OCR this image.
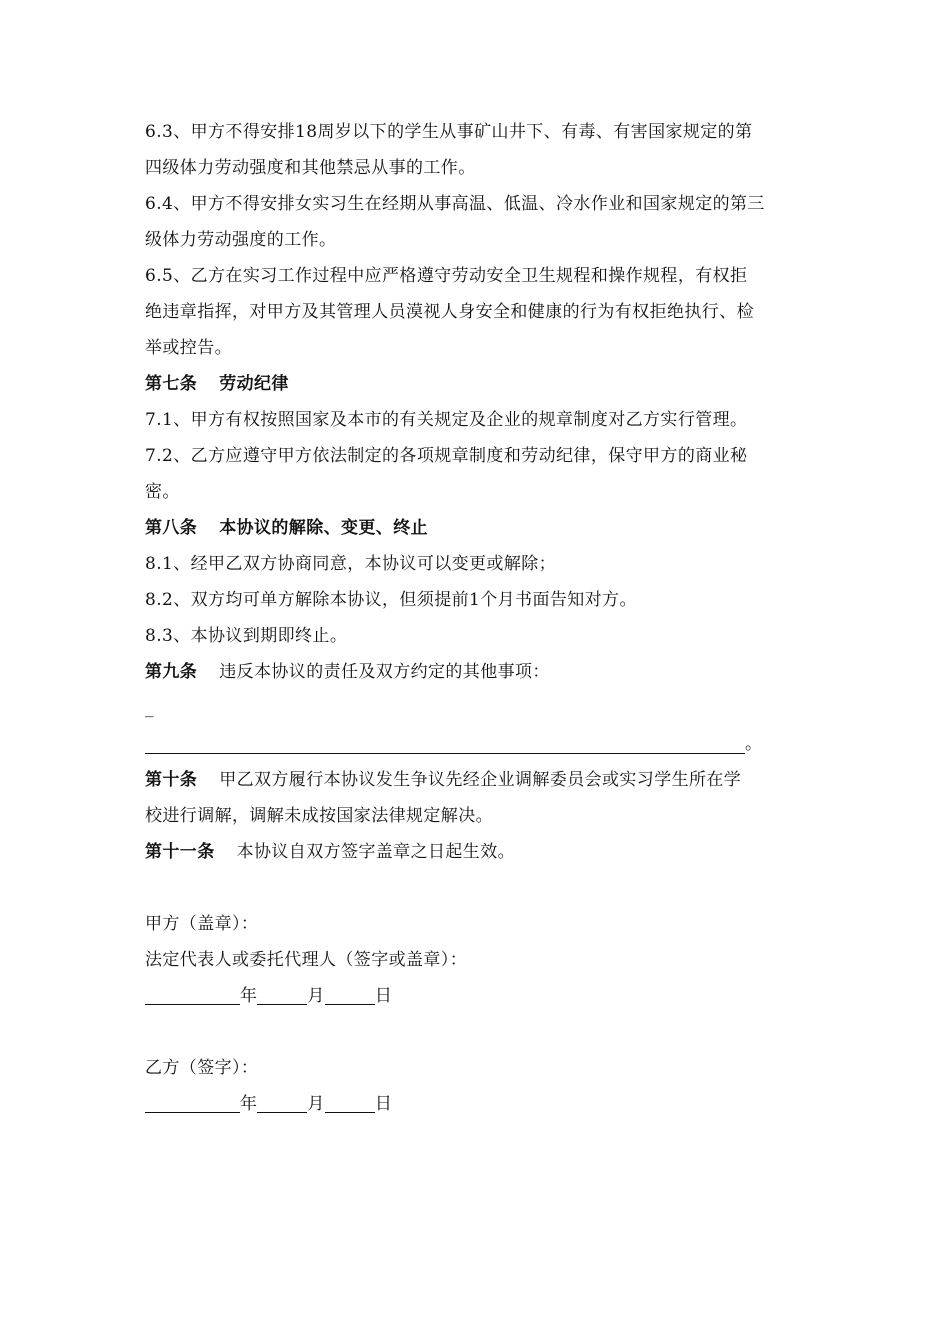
6.3、甲方不得安排18周岁以下的学生从事矿山井下、有毒、有害国家规定的第
四级体力劳动强度和其他禁忌从事的工作。
6.4、甲方不得安排女实习生在经期从事高温、低温、冷水作业和国家规定的第三
级体力劳动强度的工作。
6.5、乙方在实习工作过程中应严格遵守劳动安全卫生规程和操作规程，有权拒
绝违章指挥，对甲方及其管理人员漠视人身安全和健康的行为有权拒绝执行、检
举或控告。
第七条 劳动纪律
7.1、甲方有权按照国家及本市的有关规定及企业的规章制度对乙方实行管理。
7.2、乙方应遵守甲方依法制定的各项规章制度和劳动纪律，保守甲方的商业秘
密。
第八条 本协议的解除、变更、终止
8.1、经甲乙双方协商同意，本协议可以变更或解除；
8.2、双方均可单方解除本协议，但须提前1个月书面告知对方。
8.3、本协议到期即终止。
第九条 违反本协议的责任及双方约定的其他事项：
_
。
第十条 甲乙双方履行本协议发生争议先经企业调解委员会或实习学生所在学
校进行调解，调解未成按国家法律规定解决。
第十一条 本协议自双方签字盖章之日起生效。
甲方（盖章）：
法定代表人或委托代理人（签字或盖章）：
年	月	日
乙方（签字）：
年	月	日
